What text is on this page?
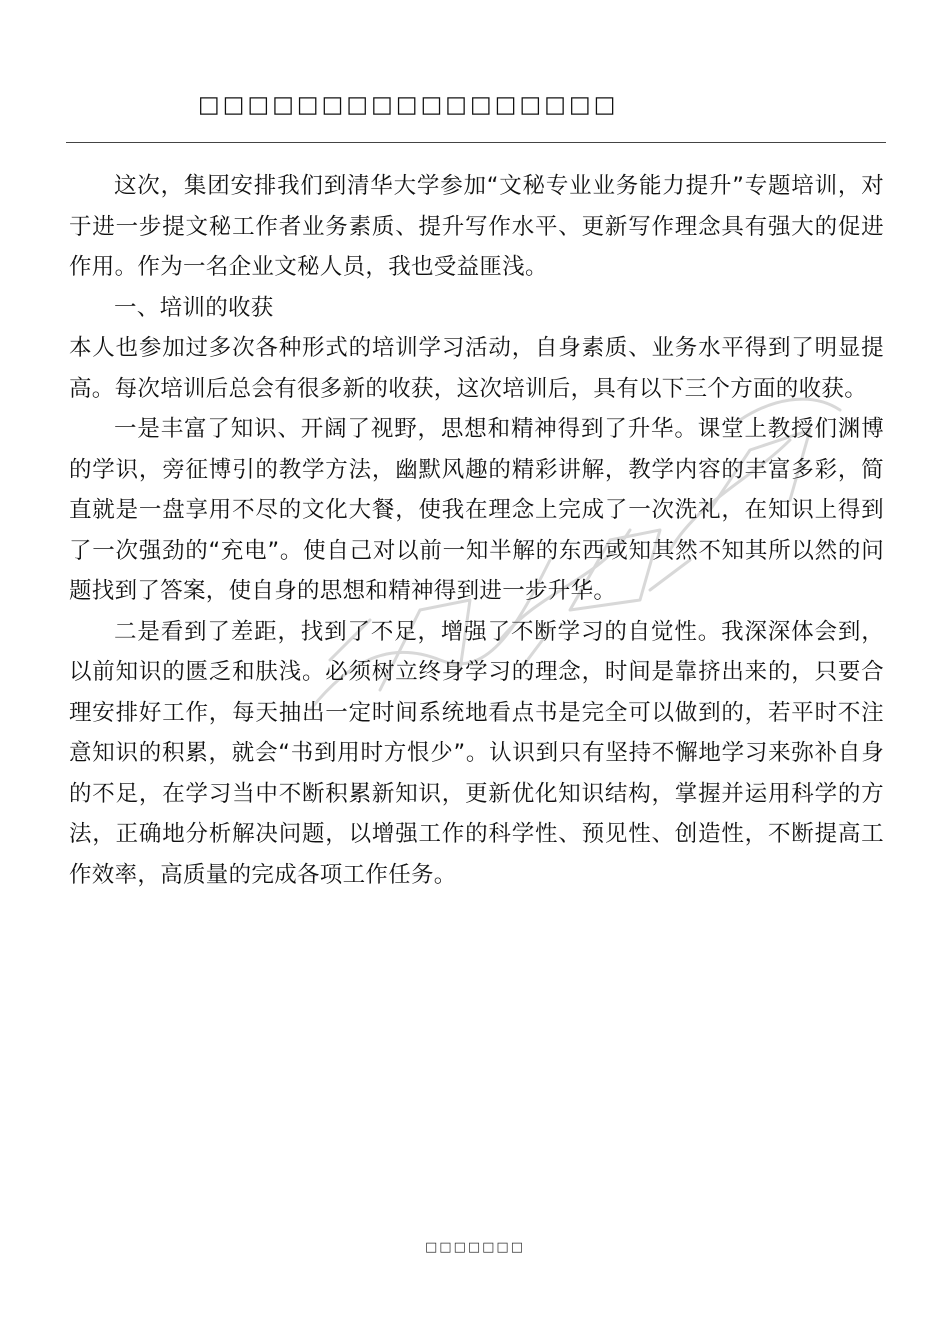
□□□□□□□□□□□□□□□□□

这次，集团安排我们到清华大学参加“文秘专业业务能力提升”专题培训，对于进一步提文秘工作者业务素质、提升写作水平、更新写作理念具有强大的促进作用。作为一名企业文秘人员，我也受益匪浅。

一、培训的收获

本人也参加过多次各种形式的培训学习活动，自身素质、业务水平得到了明显提高。每次培训后总会有很多新的收获，这次培训后，具有以下三个方面的收获。

一是丰富了知识、开阔了视野，思想和精神得到了升华。课堂上教授们渊博的学识，旁征博引的教学方法，幽默风趣的精彩讲解，教学内容的丰富多彩，简直就是一盘享用不尽的文化大餐，使我在理念上完成了一次洗礼，在知识上得到了一次强劲的“充电”。使自己对以前一知半解的东西或知其然不知其所以然的问题找到了答案，使自身的思想和精神得到进一步升华。

二是看到了差距，找到了不足，增强了不断学习的自觉性。我深深体会到，以前知识的匮乏和肤浅。必须树立终身学习的理念，时间是靠挤出来的，只要合理安排好工作，每天抽出一定时间系统地看点书是完全可以做到的，若平时不注意知识的积累，就会“书到用时方恨少”。认识到只有坚持不懈地学习来弥补自身的不足，在学习当中不断积累新知识，更新优化知识结构，掌握并运用科学的方法，正确地分析解决问题，以增强工作的科学性、预见性、创造性，不断提高工作效率，高质量的完成各项工作任务。

□□□□□□□
